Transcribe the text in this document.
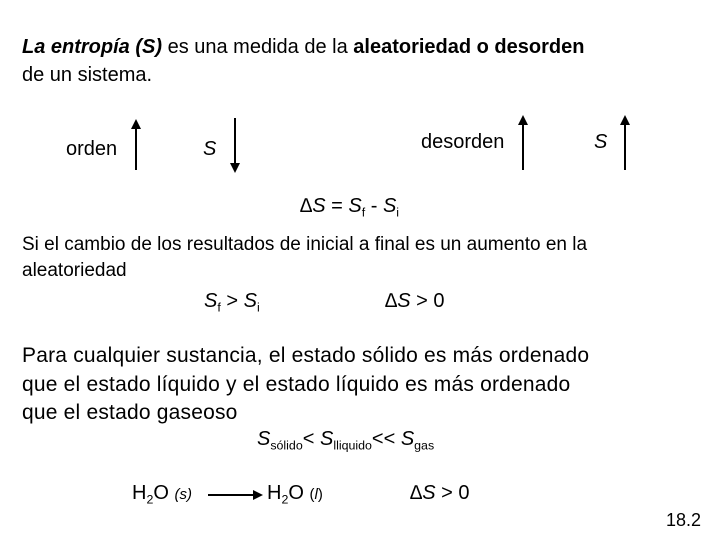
La entropía (S) es una medida de la aleatoriedad o desorden
de un sistema.
orden	S	desorden	S
$\Delta S = S_f - S_i$
Si el cambio de los resultados de inicial a final es un aumento en la
aleatoriedad
$S_f > S_i$	∆S > 0
Para cualquier sustancia, el estado sólido es más ordenado
que el estado líquido y el estado líquido es más ordenado
que el estado gaseoso
$S_{sólido}< S_{lliquido}<< S_{gas}$
$H_2O$ (s)	$H_2O$ (l)	∆S > 0
18.2
